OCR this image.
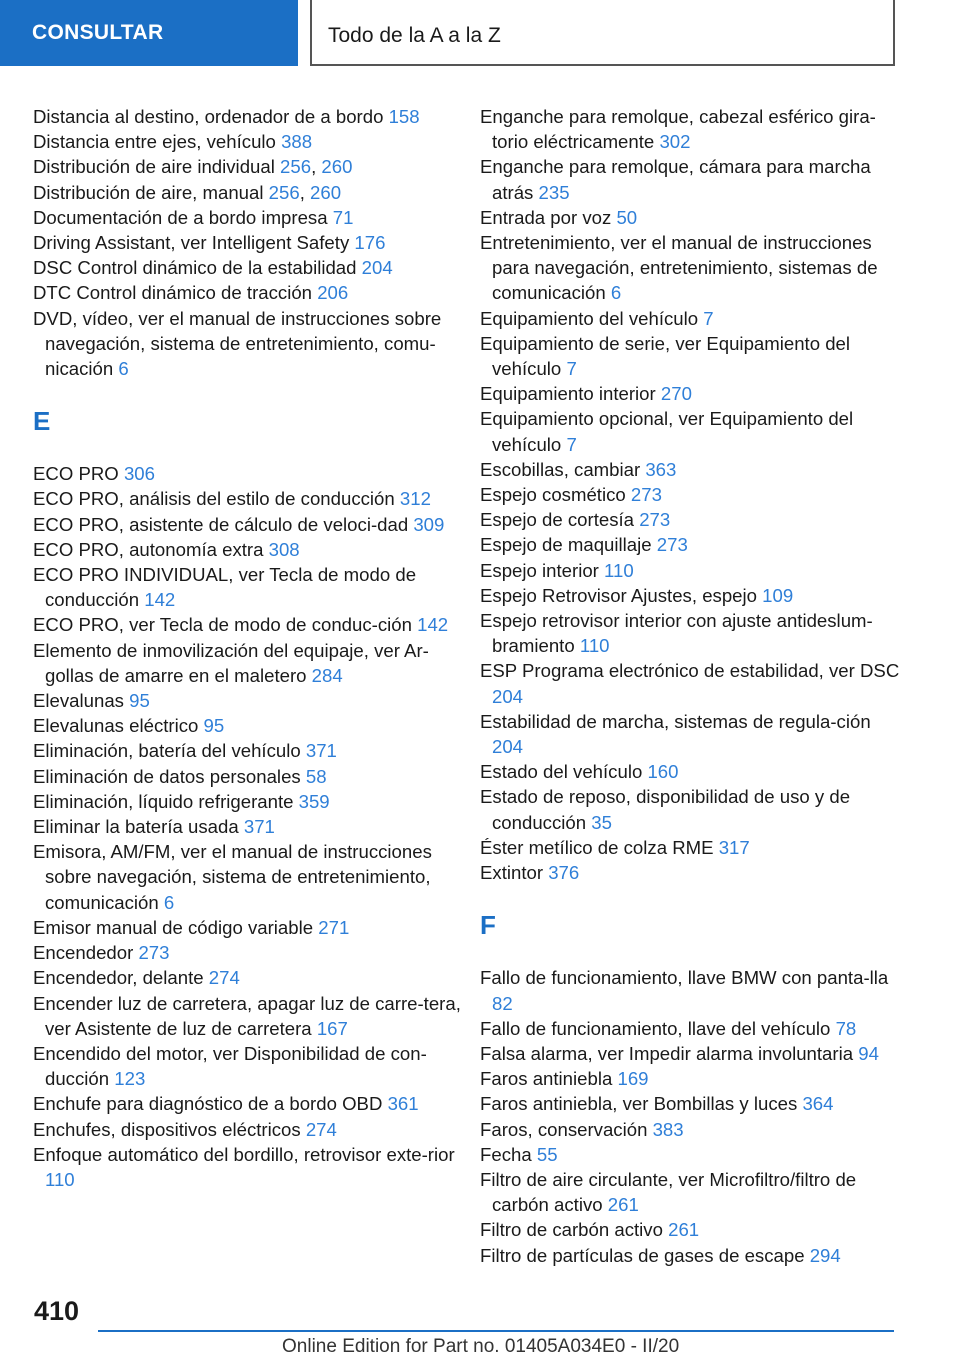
CONSULTAR	Todo de la A a la Z
Distancia al destino, ordenador de a bordo 158
Distancia entre ejes, vehículo 388
Distribución de aire individual 256, 260
Distribución de aire, manual 256, 260
Documentación de a bordo impresa 71
Driving Assistant, ver Intelligent Safety 176
DSC Control dinámico de la estabilidad 204
DTC Control dinámico de tracción 206
DVD, vídeo, ver el manual de instrucciones sobre navegación, sistema de entretenimiento, comu-nicación 6
E
ECO PRO 306
ECO PRO, análisis del estilo de conducción 312
ECO PRO, asistente de cálculo de veloci-dad 309
ECO PRO, autonomía extra 308
ECO PRO INDIVIDUAL, ver Tecla de modo de conducción 142
ECO PRO, ver Tecla de modo de conduc-ción 142
Elemento de inmovilización del equipaje, ver Ar-gollas de amarre en el maletero 284
Elevalunas 95
Elevalunas eléctrico 95
Eliminación, batería del vehículo 371
Eliminación de datos personales 58
Eliminación, líquido refrigerante 359
Eliminar la batería usada 371
Emisora, AM/FM, ver el manual de instrucciones sobre navegación, sistema de entretenimiento, comunicación 6
Emisor manual de código variable 271
Encendedor 273
Encendedor, delante 274
Encender luz de carretera, apagar luz de carre-tera, ver Asistente de luz de carretera 167
Encendido del motor, ver Disponibilidad de con-ducción 123
Enchufe para diagnóstico de a bordo OBD 361
Enchufes, dispositivos eléctricos 274
Enfoque automático del bordillo, retrovisor exte-rior 110
Enganche para remolque, cabezal esférico gira-torio eléctricamente 302
Enganche para remolque, cámara para marcha atrás 235
Entrada por voz 50
Entretenimiento, ver el manual de instrucciones para navegación, entretenimiento, sistemas de comunicación 6
Equipamiento del vehículo 7
Equipamiento de serie, ver Equipamiento del vehículo 7
Equipamiento interior 270
Equipamiento opcional, ver Equipamiento del vehículo 7
Escobillas, cambiar 363
Espejo cosmético 273
Espejo de cortesía 273
Espejo de maquillaje 273
Espejo interior 110
Espejo Retrovisor Ajustes, espejo 109
Espejo retrovisor interior con ajuste antideslum-bramiento 110
ESP Programa electrónico de estabilidad, ver DSC 204
Estabilidad de marcha, sistemas de regula-ción 204
Estado del vehículo 160
Estado de reposo, disponibilidad de uso y de conducción 35
Éster metílico de colza RME 317
Extintor 376
F
Fallo de funcionamiento, llave BMW con panta-lla 82
Fallo de funcionamiento, llave del vehículo 78
Falsa alarma, ver Impedir alarma involuntaria 94
Faros antiniebla 169
Faros antiniebla, ver Bombillas y luces 364
Faros, conservación 383
Fecha 55
Filtro de aire circulante, ver Microfiltro/filtro de carbón activo 261
Filtro de carbón activo 261
Filtro de partículas de gases de escape 294
410
Online Edition for Part no. 01405A034E0 - II/20
